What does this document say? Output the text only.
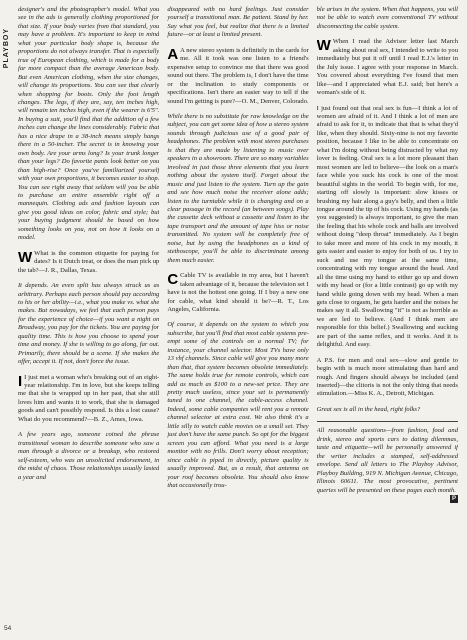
PLAYBOY

designer's and the photographer's model. What you see in the ads is generally clothing proportioned for that size. If your body varies from that standard, you may have a problem. It's important to keep in mind what your particular body shape is, because the proportions do not always transfer. That is especially true of European clothing, which is made for a body far more compact than the average American body. But even American clothing, when the size changes, will change its proportions. You can see that clearly when shopping for boots. Only the foot length changes. The legs, if they are, say, ten inches high, will remain ten inches high, even if the wearer is 6'5". In buying a suit, you'll find that the addition of a few inches can change the lines considerably. Fabric that has a nice drape in a 38-inch means simply hangs there in a 50-incher. The secret is in knowing your own body. Are your arms long? Is your trunk longer than your legs? Do favorite pants look better on you than high-rise? Once you've familiarized yourself with your own proportions, it becomes easier to shop. You can see right away that seldom will you be able to purchase an entire ensemble right off a mannequin. Clothing ads and fashion layouts can give you good ideas on color, fabric and style; but your buying judgment should be based on how something looks on you, not on how it looks on a model.

W What is the common etiquette for paying for dates? Is it Dutch treat, or does the man pick up the tab?—J. R., Dallas, Texas.

It depends. An even split has always struck us as arbitrary. Perhaps each person should pay according to his or her ability—i.e., what you make vs. what she makes. But nowadays, we feel that each person pays for the experience of choice—if you want a night on Broadway, you pay for the tickets. You are paying for quality time. This is how you choose to spend your time and money. If she is willing to go along, far out. Primarily, there should be a scene. If she makes the offer, accept it. If not, don't force the issue.

I I just met a woman who's breaking out of an eight-year relationship. I'm in love, but she keeps telling me that she is wrapped up in her past, that she still loves him and wants it to work, that she is damaged goods and can't possibly respond. Is this a lost cause? What do you recommend?—B. Z., Ames, Iowa.

A few years ago, someone coined the phrase transitional woman to describe someone who saw a man through a divorce or a breakup, who restored self-esteem, who was an unsolicited endorsement, in the midst of chaos. Those relationships usually lasted a year and

disappeared with no hard feelings. Just consider yourself a transitional man. Be patient. Stand by her. Say what you feel, but realize that there is a limited future—or at least a limited present.

A A new stereo system is definitely in the cards for me. All it took was one listen to a friend's expensive setup to convince me that there was good sound out there. The problem is, I don't have the time or the inclination to study components or specifications. Isn't there an easier way to tell if the sound I'm getting is pure?—O. M., Denver, Colorado.

While there is no substitute for raw knowledge on the subject, you can get some idea of how a stereo system sounds through judicious use of a good pair of headphones. The problem with most stereo purchases is that they are made by listening to music over speakers in a showroom. There are so many variables involved in just those three elements that you learn nothing about the system itself. Forget about the music and just listen to the system. Turn up the gain and see how much noise the receiver alone adds; listen to the turntable while it is changing and on a clear passage in the record (an between songs). Play the cassette deck without a cassette and listen to the tape transport and the amount of tape hiss or noise transmitted. No system will be completely free of noise, but by using the headphones as a kind of stethoscope, you'll be able to discriminate among them much easier.

C Cable TV is available in my area, but I haven't taken advantage of it, because the television set I have is not the hottest one going. If I buy a new one for cable, what kind should it be?—R. T., Los Angeles, California.

Of course, it depends on the system to which you subscribe, but you'll find that most cable systems pre-empt some of the controls on a normal TV; for instance, your channel selector. Most TVs have only 13 vhf channels. Since cable will give you many more than that, that system becomes obsolete immediately. The same holds true for remote controls, which can add as much as $100 to a new-set price. They are pretty much useless, since your set is permanently tuned to one channel, the cable-access channel. Indeed, some cable companies will rent you a remote channel selector at extra cost. We also think it's a little silly to watch cable movies on a small set. They just don't have the same punch. So opt for the biggest screen you can afford. What you need is a large monitor with no frills. Don't worry about reception; since cable is piped in directly, picture quality is usually improved. But, as a result, that antenna on your roof becomes obsolete. You should also know that occasionally trou-

ble arises in the system. When that happens, you will not be able to watch even conventional TV without disconnecting the cable system.

W When I read the Advisor letter last March asking about oral sex, I intended to write to you immediately but put it off until I read E.J.'s letter in the July issue. I agree with your response in March. You covered about everything I've found that men like—and I appreciated what E.J. said; but here's a woman's side of it.

I just found out that oral sex is fun—I think a lot of women are afraid of it. And I think a lot of men are afraid to ask for it, to indicate that that is what they'd like, when they should. Sixty-nine is not my favorite position, because I like to be able to concentrate on what I'm doing without being distracted by what my lover is feeling. Oral sex is a lot more pleasant than most women are led to believe—the look on a man's face while you suck his cock is one of the most beautiful sights in the world. To begin with, for me, starting off slowly is important: slow kisses or brushing my hair along a guy's belly, and then a little tongue around the tip of his cock. Using my hands (as you suggested) is always important, to give the man the feeling that his whole cock and balls are involved without doing "deep throat" immediately. As I begin to take more and more of his cock in my mouth, it gets easier and easier to enjoy for both of us. I try to suck and use my tongue at the same time, concentrating with my tongue around the head. And all the time using my hand to either go up and down with my head or (for a little contrast) go up with my hand while going down with my head. When a man gets close to orgasm, he gets harder and the noises he makes say it all. Swallowing "it" is not as horrible as we are led to believe. (And I think men are responsible for this belief.) Swallowing and sucking are part of the same reflex, and it works. And it is delightful. And easy.

A P.S. for men and oral sex—slow and gentle to begin with is much more stimulating than hard and rough. And fingers should always be included (and inserted)—the clitoris is not the only thing that needs stimulation.—Miss K. A., Detroit, Michigan.

Great sex is all in the head, right folks?

All reasonable questions—from fashion, food and drink, stereo and sports cars to dating dilemmas, taste and etiquette—will be personally answered if the writer includes a stamped, self-addressed envelope. Send all letters to The Playboy Advisor, Playboy Building, 919 N. Michigan Avenue, Chicago, Illinois 60611. The most provocative, pertinent queries will be presented on these pages each month.
P
54
